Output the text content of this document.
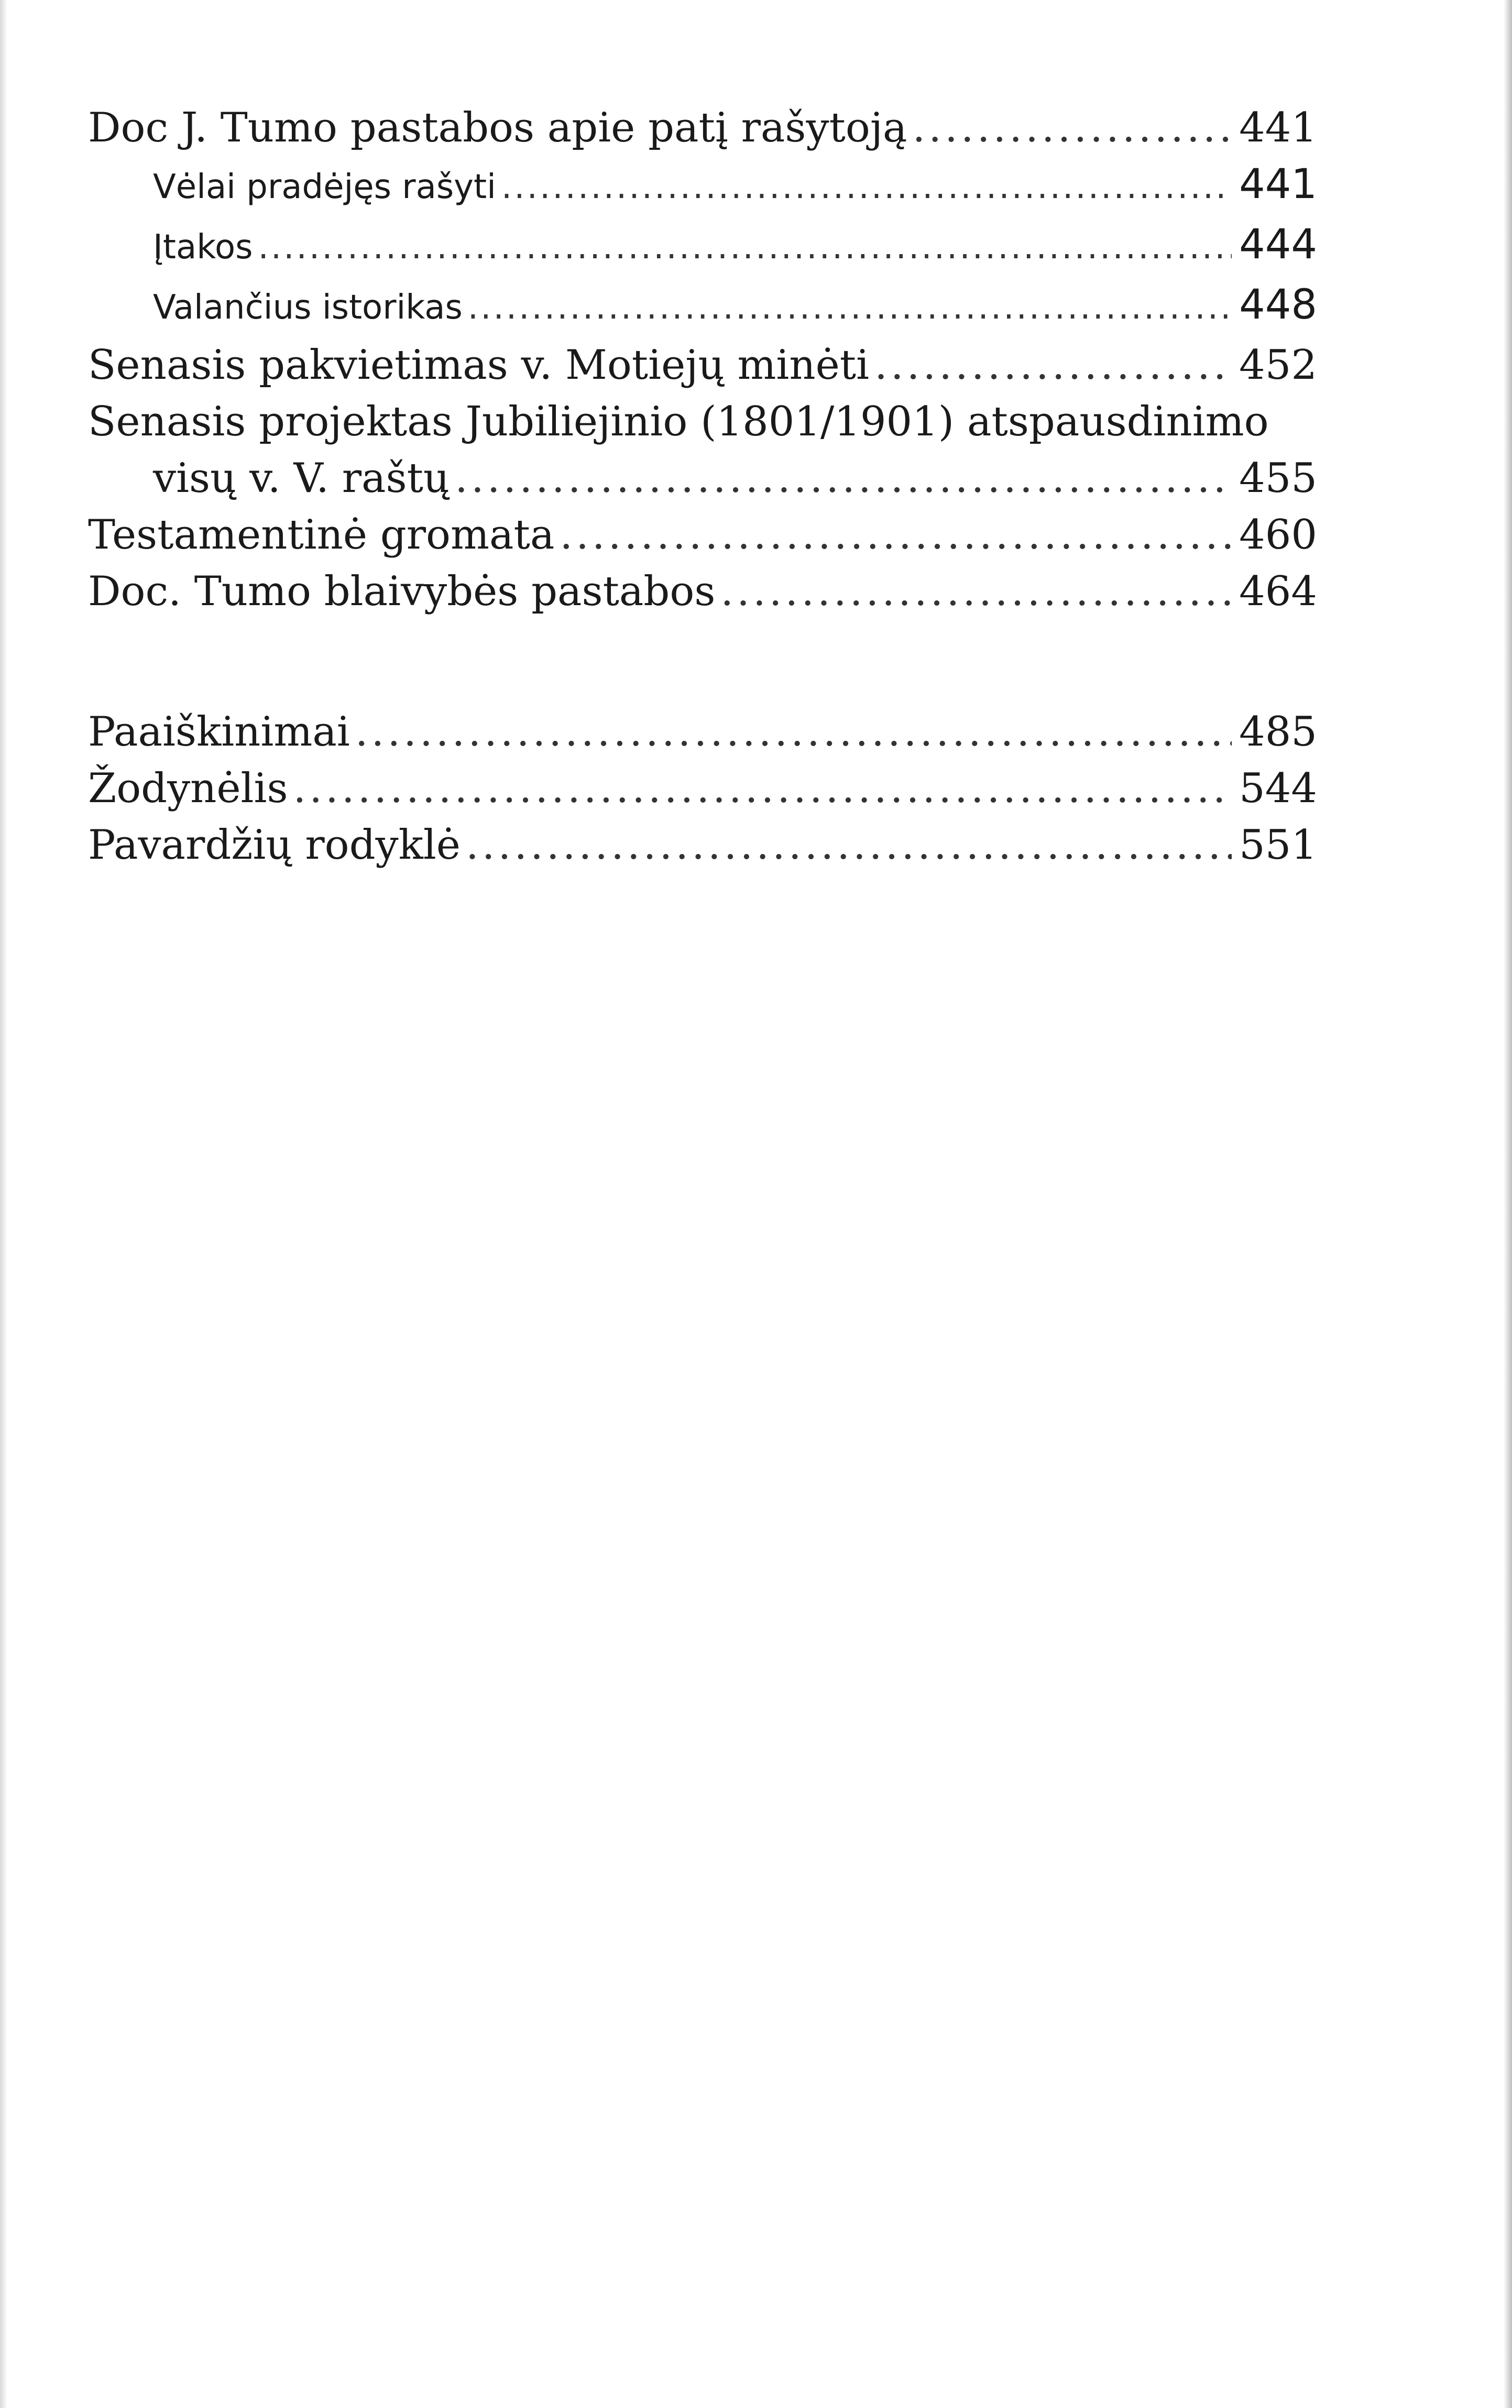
Doc J. Tumo pastabos apie patį rašytoją .....	441
Vėlai pradėjęs rašyti .....	441
Įtakos .....	444
Valančius istorikas .....	448
Senasis pakvietimas v. Motiejų minėti .....	452
Senasis projektas Jubiliejinio (1801/1901) atspausdinimo
visų v. V. raštų .....	455
Testamentinė gromata .....	460
Doc. Tumo blaivybės pastabos .....	464
Paaiškinimai .....	485
Žodynėlis .....	544
Pavardžių rodyklė .....	551
